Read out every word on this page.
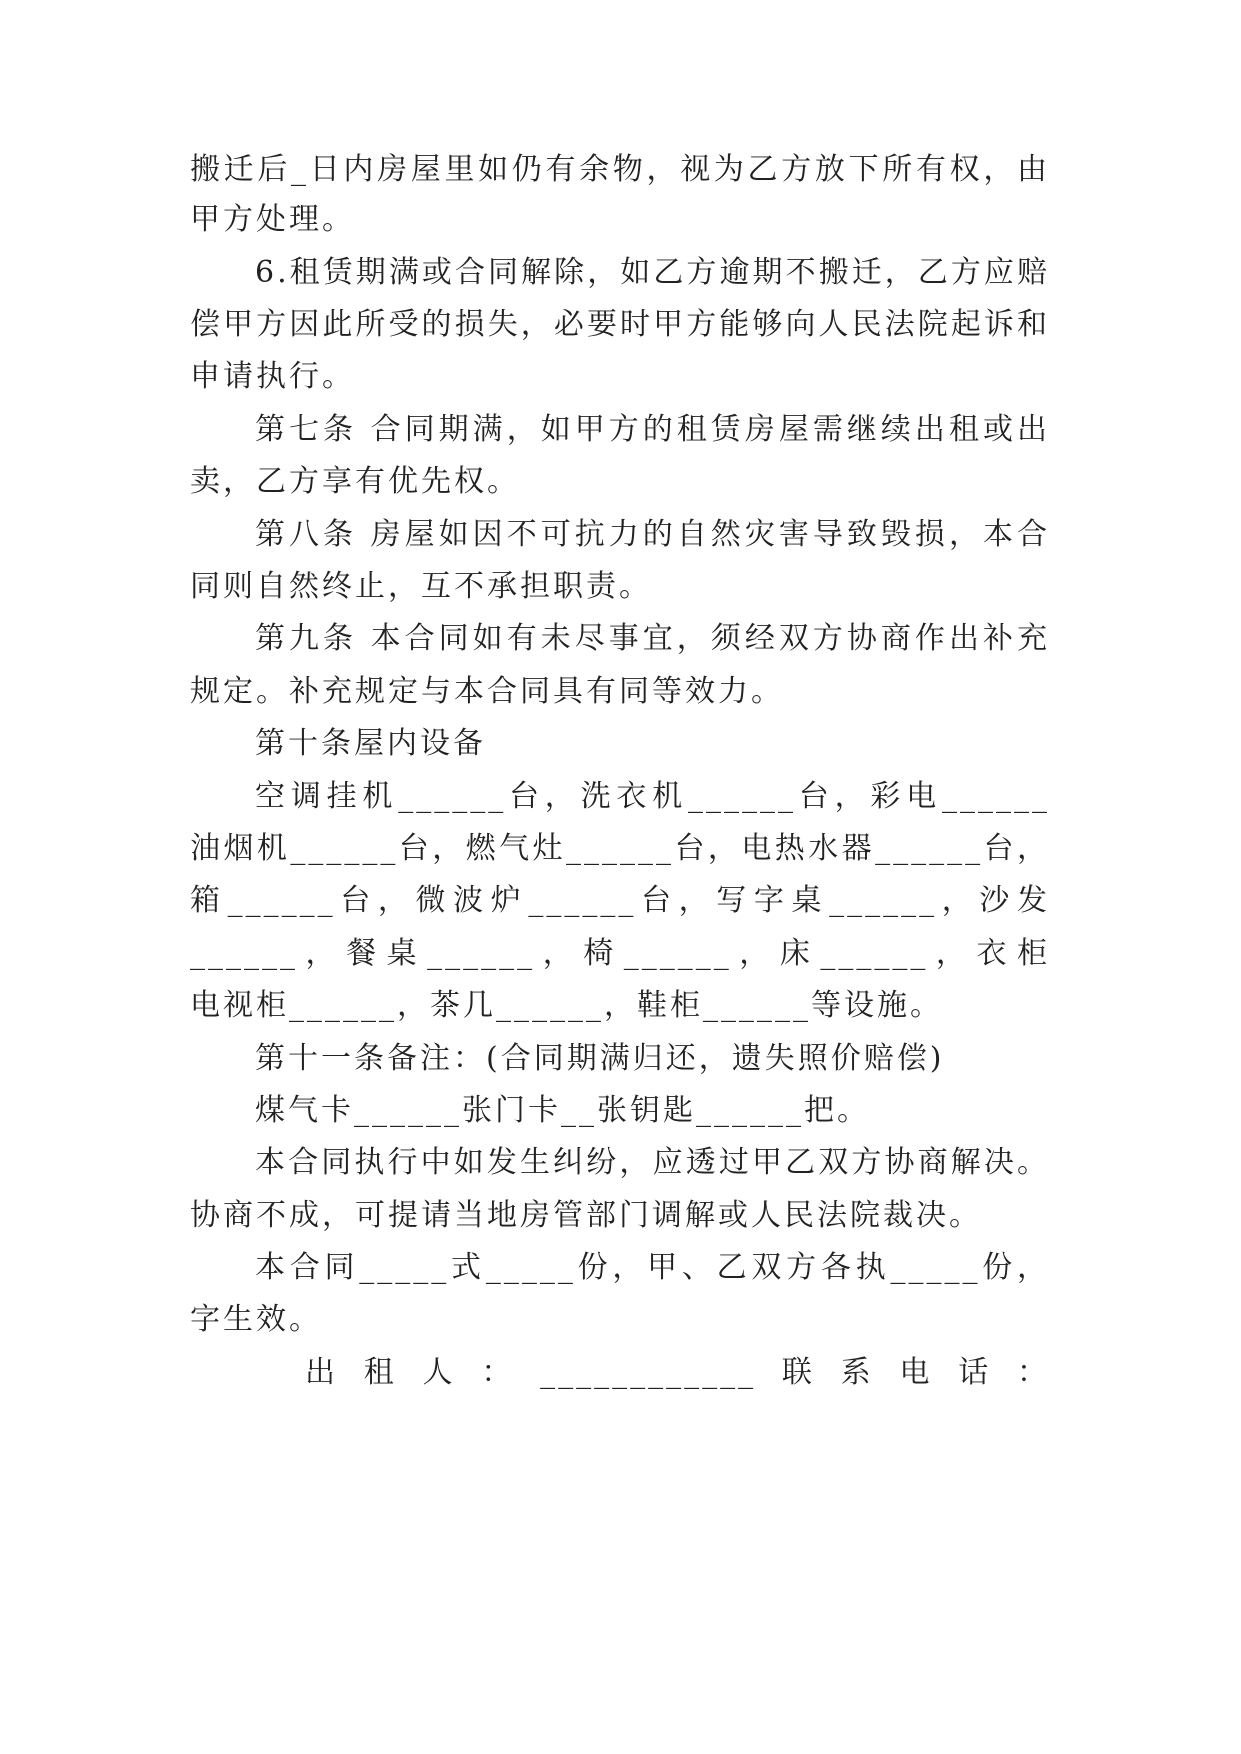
搬迁后_日内房屋里如仍有余物，视为乙方放下所有权，由
甲方处理。
6.租赁期满或合同解除，如乙方逾期不搬迁，乙方应赔
偿甲方因此所受的损失，必要时甲方能够向人民法院起诉和
申请执行。
第七条 合同期满，如甲方的租赁房屋需继续出租或出
卖，乙方享有优先权。
第八条 房屋如因不可抗力的自然灾害导致毁损，本合
同则自然终止，互不承担职责。
第九条 本合同如有未尽事宜，须经双方协商作出补充
规定。补充规定与本合同具有同等效力。
第十条屋内设备
空调挂机______台，洗衣机______台，彩电______
油烟机______台，燃气灶______台，电热水器______台，
箱______台，微波炉______台，写字桌______，沙发
______，餐桌______，椅______，床______，衣柜
电视柜______，茶几______，鞋柜______等设施。
第十一条备注：(合同期满归还，遗失照价赔偿)
煤气卡______张门卡__张钥匙______把。
本合同执行中如发生纠纷，应透过甲乙双方协商解决。
协商不成，可提请当地房管部门调解或人民法院裁决。
本合同_____式_____份，甲、乙双方各执_____份，
字生效。
出租人：____________联系电话：
